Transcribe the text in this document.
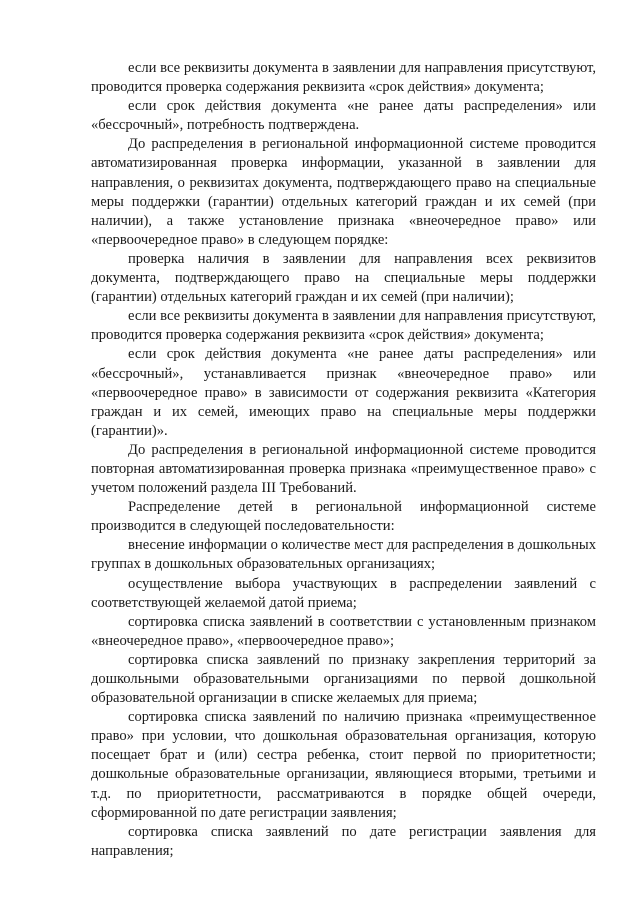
если все реквизиты документа в заявлении для направления присутствуют, проводится проверка содержания реквизита «срок действия» документа;

если срок действия документа «не ранее даты распределения» или «бессрочный», потребность подтверждена.

До распределения в региональной информационной системе проводится автоматизированная проверка информации, указанной в заявлении для направления, о реквизитах документа, подтверждающего право на специальные меры поддержки (гарантии) отдельных категорий граждан и их семей (при наличии), а также установление признака «внеочередное право» или «первоочередное право» в следующем порядке:

проверка наличия в заявлении для направления всех реквизитов документа, подтверждающего право на специальные меры поддержки (гарантии) отдельных категорий граждан и их семей (при наличии);

если все реквизиты документа в заявлении для направления присутствуют, проводится проверка содержания реквизита «срок действия» документа;

если срок действия документа «не ранее даты распределения» или «бессрочный», устанавливается признак «внеочередное право» или «первоочередное право» в зависимости от содержания реквизита «Категория граждан и их семей, имеющих право на специальные меры поддержки (гарантии)».

До распределения в региональной информационной системе проводится повторная автоматизированная проверка признака «преимущественное право» с учетом положений раздела III Требований.

Распределение детей в региональной информационной системе производится в следующей последовательности:

внесение информации о количестве мест для распределения в дошкольных группах в дошкольных образовательных организациях;

осуществление выбора участвующих в распределении заявлений с соответствующей желаемой датой приема;

сортировка списка заявлений в соответствии с установленным признаком «внеочередное право», «первоочередное право»;

сортировка списка заявлений по признаку закрепления территорий за дошкольными образовательными организациями по первой дошкольной образовательной организации в списке желаемых для приема;

сортировка списка заявлений по наличию признака «преимущественное право» при условии, что дошкольная образовательная организация, которую посещает брат и (или) сестра ребенка, стоит первой по приоритетности; дошкольные образовательные организации, являющиеся вторыми, третьими и т.д. по приоритетности, рассматриваются в порядке общей очереди, сформированной по дате регистрации заявления;

сортировка списка заявлений по дате регистрации заявления для направления;
